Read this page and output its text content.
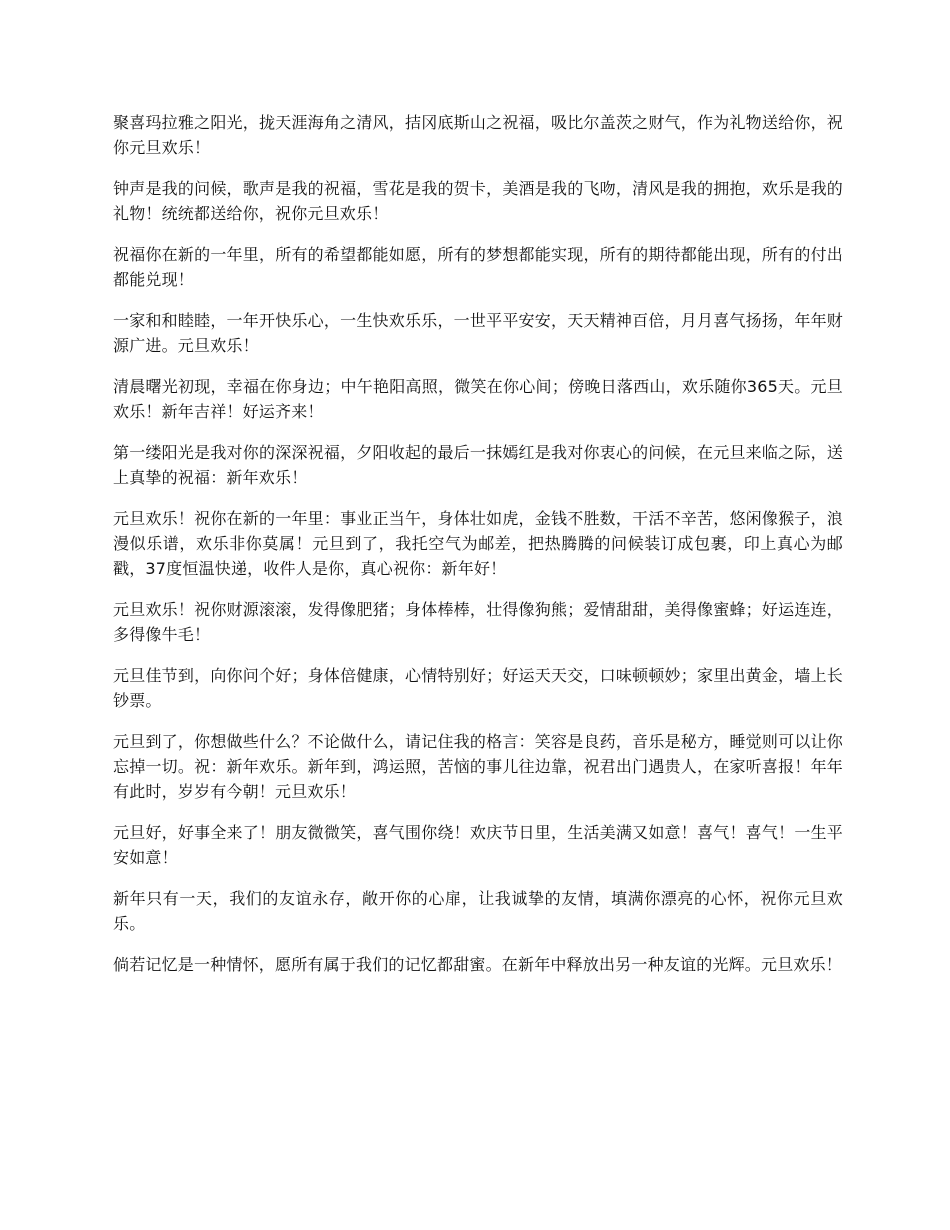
聚喜玛拉雅之阳光，拢天涯海角之清风，拮冈底斯山之祝福，吸比尔盖茨之财气，作为礼物送给你，祝你元旦欢乐！

钟声是我的问候，歌声是我的祝福，雪花是我的贺卡，美酒是我的飞吻，清风是我的拥抱，欢乐是我的礼物！统统都送给你，祝你元旦欢乐！

祝福你在新的一年里，所有的希望都能如愿，所有的梦想都能实现，所有的期待都能出现，所有的付出都能兑现！

一家和和睦睦，一年开快乐心，一生快欢乐乐，一世平平安安，天天精神百倍，月月喜气扬扬，年年财源广进。元旦欢乐！

清晨曙光初现，幸福在你身边；中午艳阳高照，微笑在你心间；傍晚日落西山，欢乐随你365天。元旦欢乐！新年吉祥！好运齐来！

第一缕阳光是我对你的深深祝福，夕阳收起的最后一抹嫣红是我对你衷心的问候，在元旦来临之际，送上真挚的祝福：新年欢乐！

元旦欢乐！祝你在新的一年里：事业正当午，身体壮如虎，金钱不胜数，干活不辛苦，悠闲像猴子，浪漫似乐谱，欢乐非你莫属！元旦到了，我托空气为邮差，把热腾腾的问候装订成包裹，印上真心为邮戳，37度恒温快递，收件人是你，真心祝你：新年好！

元旦欢乐！祝你财源滚滚，发得像肥猪；身体棒棒，壮得像狗熊；爱情甜甜，美得像蜜蜂；好运连连，多得像牛毛！

元旦佳节到，向你问个好；身体倍健康，心情特别好；好运天天交，口味顿顿妙；家里出黄金，墙上长钞票。

元旦到了，你想做些什么？不论做什么，请记住我的格言：笑容是良药，音乐是秘方，睡觉则可以让你忘掉一切。祝：新年欢乐。新年到，鸿运照，苦恼的事儿往边靠，祝君出门遇贵人，在家听喜报！年年有此时，岁岁有今朝！元旦欢乐！

元旦好，好事全来了！朋友微微笑，喜气围你绕！欢庆节日里，生活美满又如意！喜气！喜气！一生平安如意！

新年只有一天，我们的友谊永存，敞开你的心扉，让我诚挚的友情，填满你漂亮的心怀，祝你元旦欢乐。

倘若记忆是一种情怀，愿所有属于我们的记忆都甜蜜。在新年中释放出另一种友谊的光辉。元旦欢乐！
